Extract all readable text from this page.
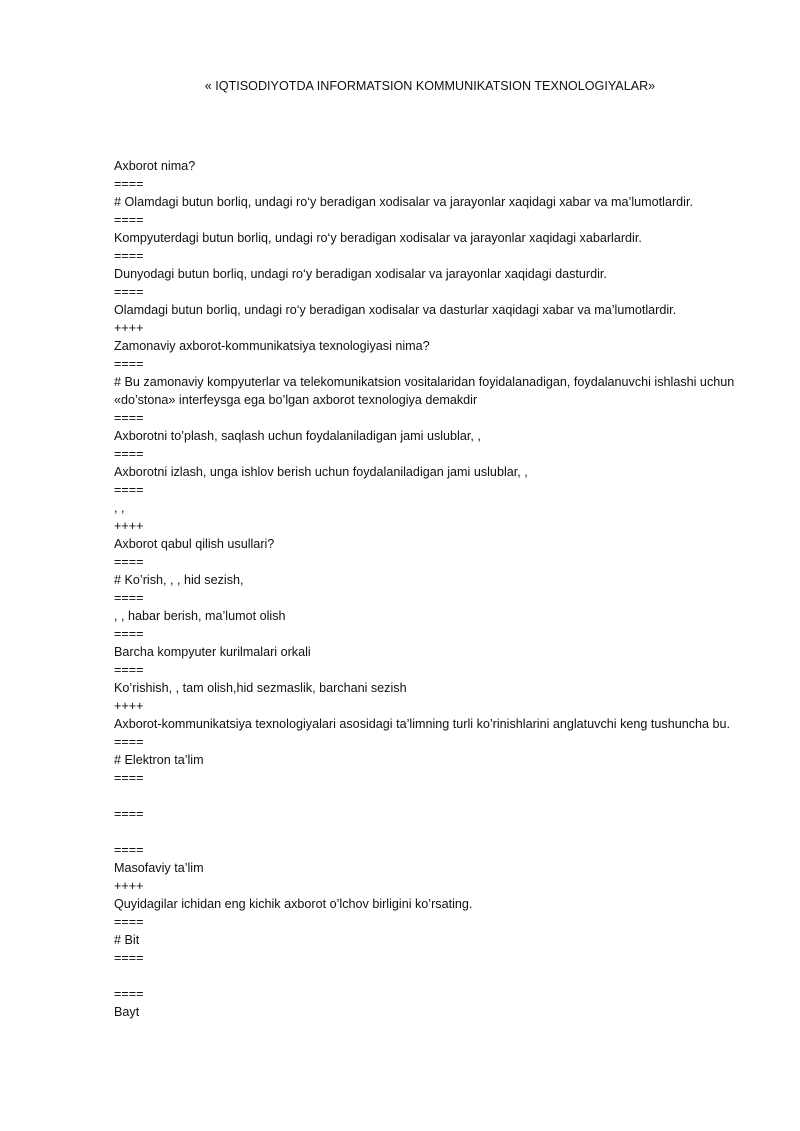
« IQTISODIYOTDA INFORMATSION KOMMUNIKATSION TEXNOLOGIYALAR»

Axborot nima?

====

# Olamdagi butun borliq, undagi ro‘y beradigan xodisalar va jarayonlar xaqidagi xabar va ma’lumotlardir.

====

Kompyuterdagi butun borliq, undagi ro‘y beradigan xodisalar va jarayonlar xaqidagi xabarlardir.

====

Dunyodagi butun borliq, undagi ro‘y beradigan xodisalar va jarayonlar xaqidagi dasturdir.

====

Olamdagi butun borliq, undagi ro‘y beradigan xodisalar va dasturlar xaqidagi xabar va ma’lumotlardir.

++++

Zamonaviy axborot-kommunikatsiya texnologiyasi nima?

====

# Bu zamonaviy kompyuterlar va telekomunikatsion vositalaridan foyidalanadigan, foydalanuvchi ishlashi uchun «do’stona» interfeysga ega bo’lgan axborot texnologiya demakdir

====

Axborotni to’plash, saqlash uchun foydalaniladigan jami uslublar, ,

====

Axborotni izlash, unga ishlov berish uchun foydalaniladigan jami uslublar, ,

====

, ,

++++

Axborot qabul qilish usullari?

====

# Ko’rish, , , hid sezish,

====

, , habar berish, ma’lumot olish

====

Barcha kompyuter kurilmalari orkali

====

Ko’rishish, , tam olish,hid sezmaslik, barchani sezish

++++

Axborot-kommunikatsiya texnologiyalari asosidagi ta’limning turli ko’rinishlarini anglatuvchi keng tushuncha bu.

====

# Elektron ta’lim

====

====

====

Masofaviy ta’lim

++++

Quyidagilar ichidan eng kichik axborot o’lchov birligini ko’rsating.

====

# Bit

====

====

Bayt
